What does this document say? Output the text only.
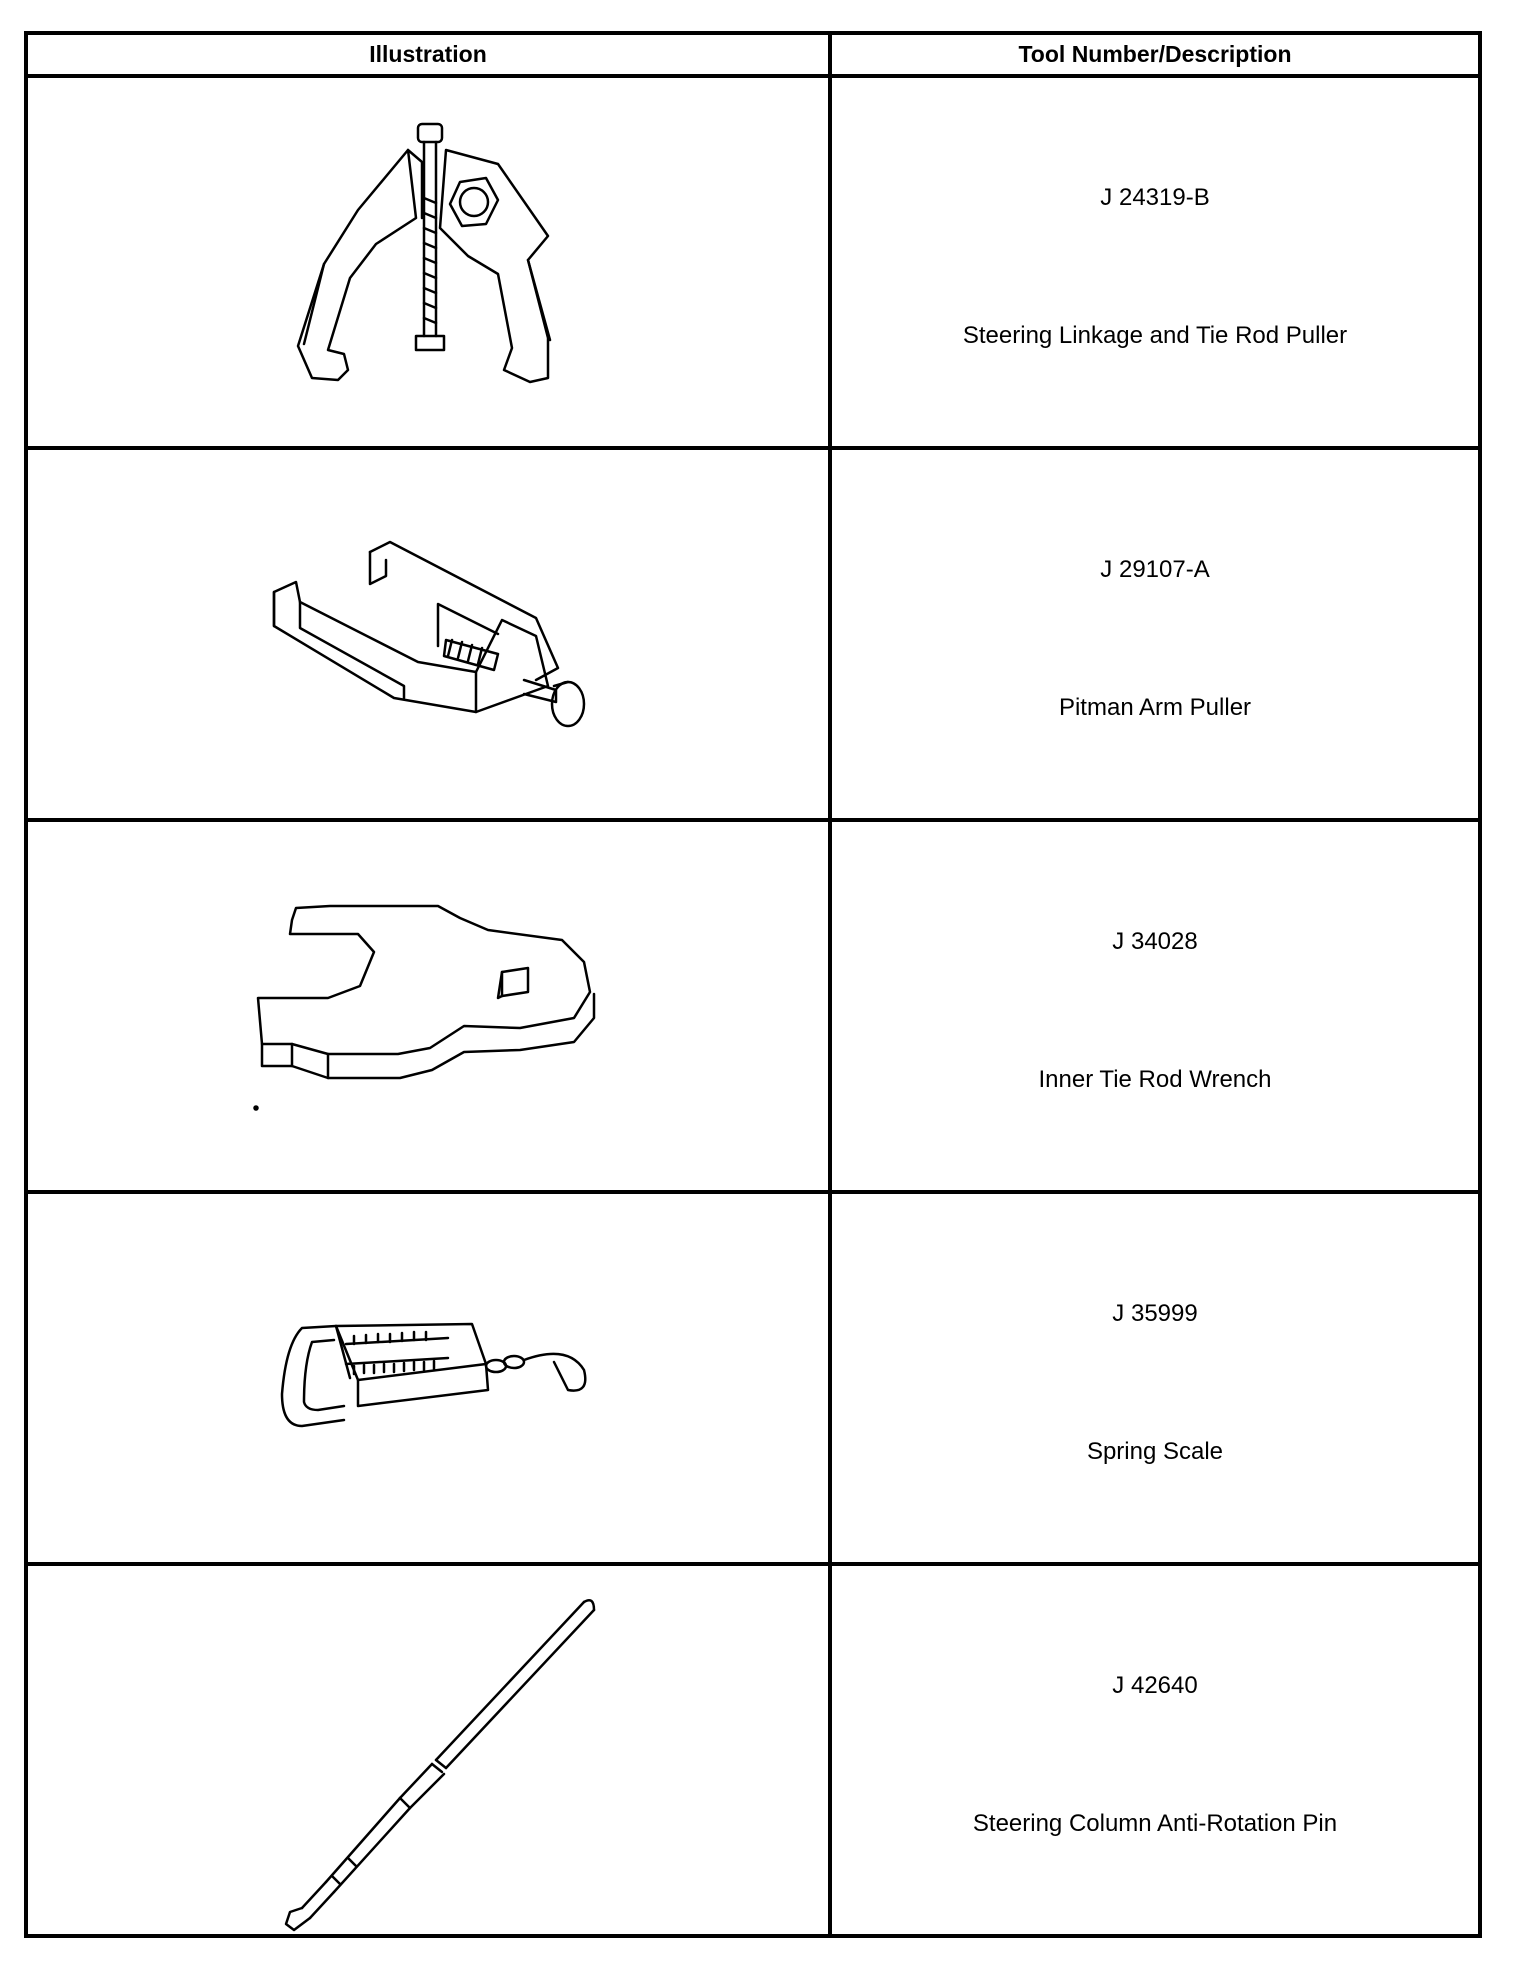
Illustration	Tool Number/Description

J 24319-B
Steering Linkage and Tie Rod Puller

J 29107-A
Pitman Arm Puller

J 34028
Inner Tie Rod Wrench

J 35999
Spring Scale

J 42640
Steering Column Anti-Rotation Pin
